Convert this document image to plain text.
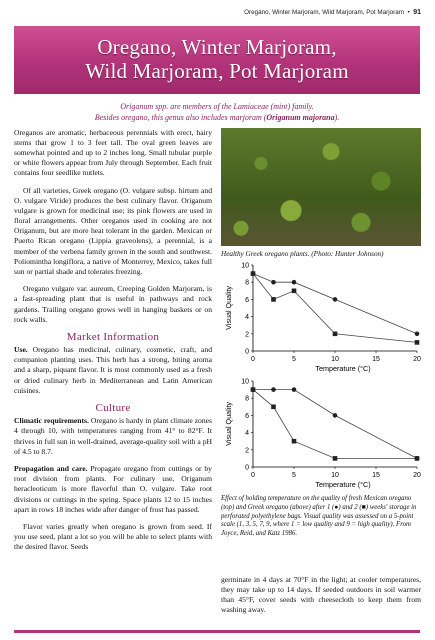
Oregano, Winter Marjoram, Wild Marjoram, Pot Marjoram  •  91
Oregano, Winter Marjoram,
Wild Marjoram, Pot Marjoram
Origanum spp. are members of the Lamiaceae (mint) family.
Besides oregano, this genus also includes marjoram (Origanum majorana).

Oreganos are aromatic, herbaceous perennials with erect, hairy stems that grow 1 to 3 feet tall. The oval green leaves are somewhat pointed and up to 2 inches long. Small tubular purple or white flowers appear from July through September. Each fruit contains four seedlike nutlets.

Of all varieties, Greek oregano (O. vulgare subsp. hirtum and O. vulgare Viride) produces the best culinary flavor. Origanum vulgare is grown for medicinal use; its pink flowers are used in floral arrangements. Other oreganos used in cooking are not Origanum, but are more heat tolerant in the garden. Mexican or Puerto Rican oregano (Lippia graveolens), a perennial, is a member of the verbena family grown in the south and southwest. Poliomintha longiflora, a native of Monterrey, Mexico, takes full sun or partial shade and tolerates freezing.

Oregano vulgare var. aureum, Creeping Golden Marjoram, is a fast-spreading plant that is useful in pathways and rock gardens. Trailing oregano grows well in hanging baskets or on rock walls.

Market Information

Use. Oregano has medicinal, culinary, cosmetic, craft, and companion planting uses. This herb has a strong, biting aroma and a sharp, piquant flavor. It is most commonly used as a fresh or dried culinary herb in Mediterranean and Latin American cuisines.

Culture

Climatic requirements. Oregano is hardy in plant climate zones 4 through 10, with temperatures ranging from 41° to 82°F. It thrives in full sun in well-drained, average-quality soil with a pH of 4.5 to 8.7.

Propagation and care. Propagate oregano from cuttings or by root division from plants. For culinary use, Origanum heracleoticum is more flavorful than O. vulgare. Take root divisions or cuttings in the spring. Space plants 12 to 15 inches apart in rows 18 inches wide after danger of frost has passed.

Flavor varies greatly when oregano is grown from seed. If you use seed, plant a lot so you will be able to select plants with the desired flavor. Seeds

Healthy Greek oregano plants. (Photo: Hunter Johnson)
0
2
4
6
8
10
0	5	10	15	20
Temperature (°C)
Visual Quality
0
2
4
6
8
10
0	5	10	15	20
Temperature (°C)
Visual Quality
Effect of holding temperature on the quality of fresh Mexican oregano (top) and Greek oregano (above) after 1 (●) and 2 (■) weeks' storage in perforated polyethylene bags. Visual quality was assessed on a 5-point scale (1, 3, 5, 7, 9, where 1 = low quality and 9 = high quality). From Joyce, Reid, and Katz 1986.
germinate in 4 days at 70°F in the light; at cooler temperatures, they may take up to 14 days. If seeded outdoors in soil warmer than 45°F, cover seeds with cheesecloth to keep them from washing away.
